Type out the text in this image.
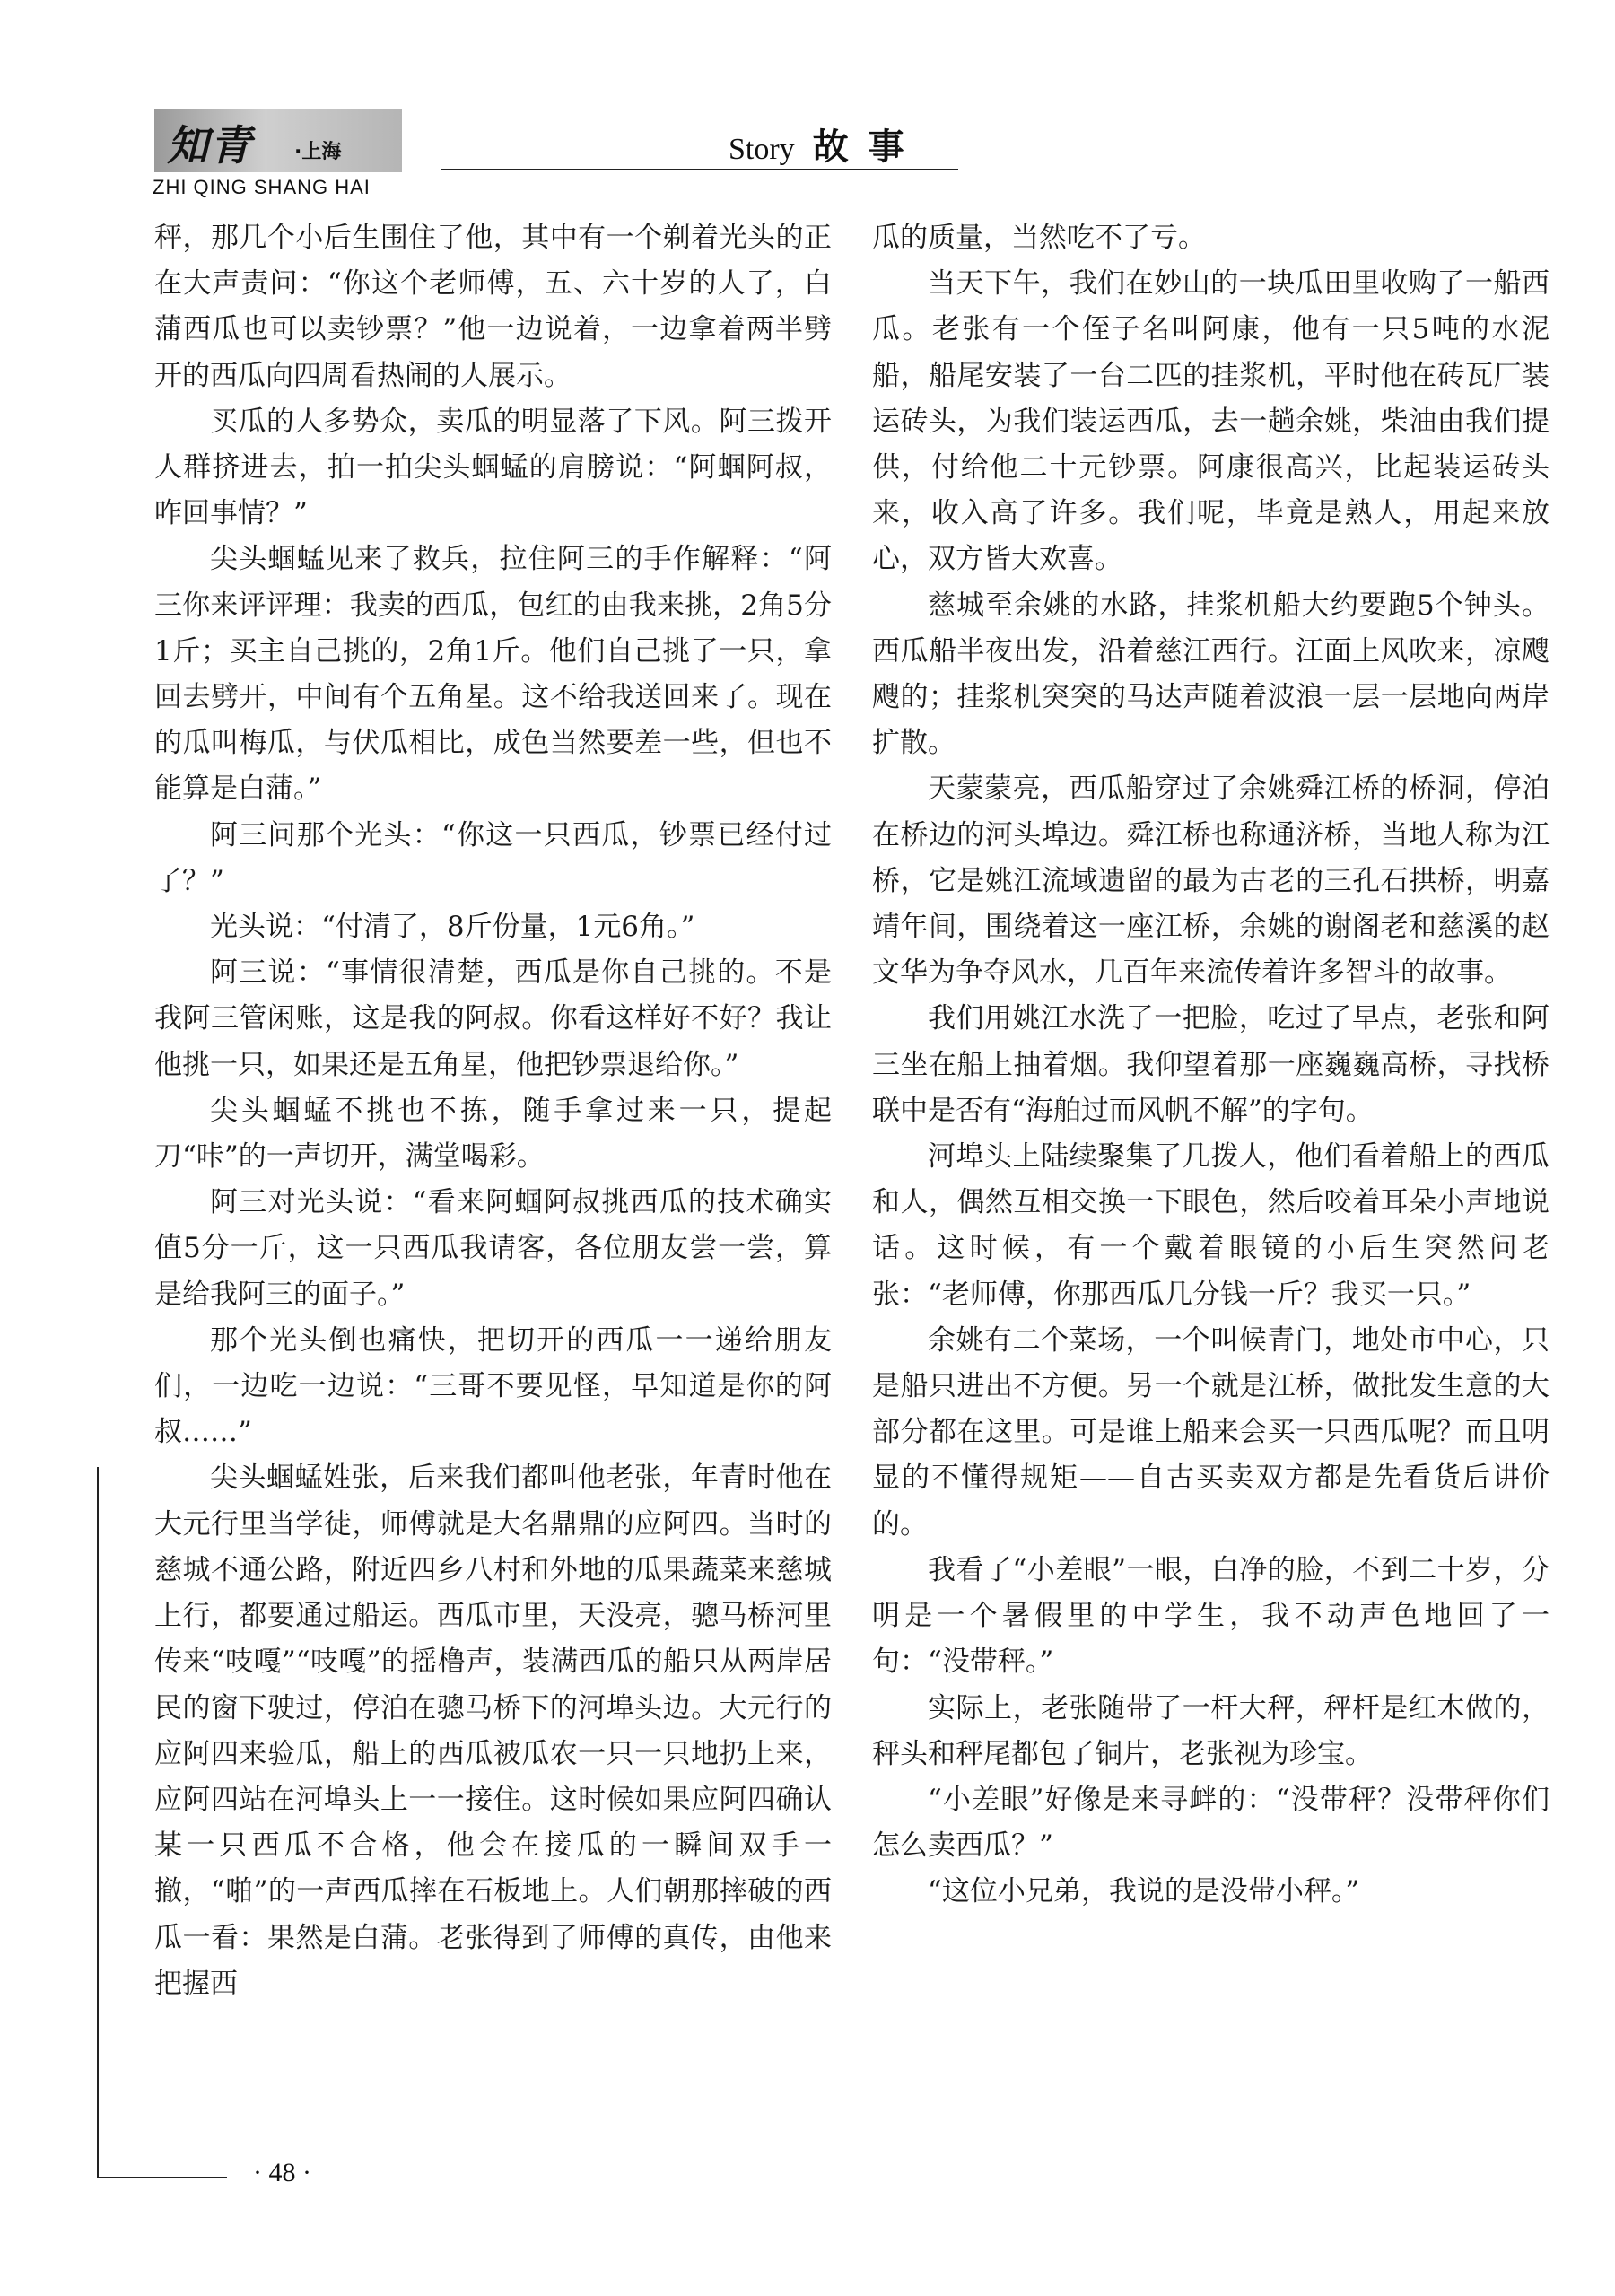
知青 ·上海
ZHI QING SHANG HAI
Story 故事

秤，那几个小后生围住了他，其中有一个剃着光头的正在大声责问：“你这个老师傅，五、六十岁的人了，白蒲西瓜也可以卖钞票？”他一边说着，一边拿着两半劈开的西瓜向四周看热闹的人展示。

买瓜的人多势众，卖瓜的明显落了下风。阿三拨开人群挤进去，拍一拍尖头蝈蜢的肩膀说：“阿蝈阿叔，咋回事情？”

尖头蝈蜢见来了救兵，拉住阿三的手作解释：“阿三你来评评理：我卖的西瓜，包红的由我来挑，2角5分1斤；买主自己挑的，2角1斤。他们自己挑了一只，拿回去劈开，中间有个五角星。这不给我送回来了。现在的瓜叫梅瓜，与伏瓜相比，成色当然要差一些，但也不能算是白蒲。”

阿三问那个光头：“你这一只西瓜，钞票已经付过了？”

光头说：“付清了，8斤份量，1元6角。”

阿三说：“事情很清楚，西瓜是你自己挑的。不是我阿三管闲账，这是我的阿叔。你看这样好不好？我让他挑一只，如果还是五角星，他把钞票退给你。”

尖头蝈蜢不挑也不拣，随手拿过来一只，提起刀“咔”的一声切开，满堂喝彩。

阿三对光头说：“看来阿蝈阿叔挑西瓜的技术确实值5分一斤，这一只西瓜我请客，各位朋友尝一尝，算是给我阿三的面子。”

那个光头倒也痛快，把切开的西瓜一一递给朋友们，一边吃一边说：“三哥不要见怪，早知道是你的阿叔……”

尖头蝈蜢姓张，后来我们都叫他老张，年青时他在大元行里当学徒，师傅就是大名鼎鼎的应阿四。当时的慈城不通公路，附近四乡八村和外地的瓜果蔬菜来慈城上行，都要通过船运。西瓜市里，天没亮，骢马桥河里传来“吱嘎”“吱嘎”的摇橹声，装满西瓜的船只从两岸居民的窗下驶过，停泊在骢马桥下的河埠头边。大元行的应阿四来验瓜，船上的西瓜被瓜农一只一只地扔上来，应阿四站在河埠头上一一接住。这时候如果应阿四确认某一只西瓜不合格，他会在接瓜的一瞬间双手一撤，“啪”的一声西瓜摔在石板地上。人们朝那摔破的西瓜一看：果然是白蒲。老张得到了师傅的真传，由他来把握西

瓜的质量，当然吃不了亏。

当天下午，我们在妙山的一块瓜田里收购了一船西瓜。老张有一个侄子名叫阿康，他有一只5吨的水泥船，船尾安装了一台二匹的挂浆机，平时他在砖瓦厂装运砖头，为我们装运西瓜，去一趟余姚，柴油由我们提供，付给他二十元钞票。阿康很高兴，比起装运砖头来，收入高了许多。我们呢，毕竟是熟人，用起来放心，双方皆大欢喜。

慈城至余姚的水路，挂浆机船大约要跑5个钟头。西瓜船半夜出发，沿着慈江西行。江面上风吹来，凉飕飕的；挂浆机突突的马达声随着波浪一层一层地向两岸扩散。

天蒙蒙亮，西瓜船穿过了余姚舜江桥的桥洞，停泊在桥边的河头埠边。舜江桥也称通济桥，当地人称为江桥，它是姚江流域遗留的最为古老的三孔石拱桥，明嘉靖年间，围绕着这一座江桥，余姚的谢阁老和慈溪的赵文华为争夺风水，几百年来流传着许多智斗的故事。

我们用姚江水洗了一把脸，吃过了早点，老张和阿三坐在船上抽着烟。我仰望着那一座巍巍高桥，寻找桥联中是否有“海舶过而风帆不解”的字句。

河埠头上陆续聚集了几拨人，他们看着船上的西瓜和人，偶然互相交换一下眼色，然后咬着耳朵小声地说话。这时候，有一个戴着眼镜的小后生突然问老张：“老师傅，你那西瓜几分钱一斤？我买一只。”

余姚有二个菜场，一个叫候青门，地处市中心，只是船只进出不方便。另一个就是江桥，做批发生意的大部分都在这里。可是谁上船来会买一只西瓜呢？而且明显的不懂得规矩——自古买卖双方都是先看货后讲价的。

我看了“小差眼”一眼，白净的脸，不到二十岁，分明是一个暑假里的中学生，我不动声色地回了一句：“没带秤。”

实际上，老张随带了一杆大秤，秤杆是红木做的，秤头和秤尾都包了铜片，老张视为珍宝。

“小差眼”好像是来寻衅的：“没带秤？没带秤你们怎么卖西瓜？”

“这位小兄弟，我说的是没带小秤。”

· 48 ·
